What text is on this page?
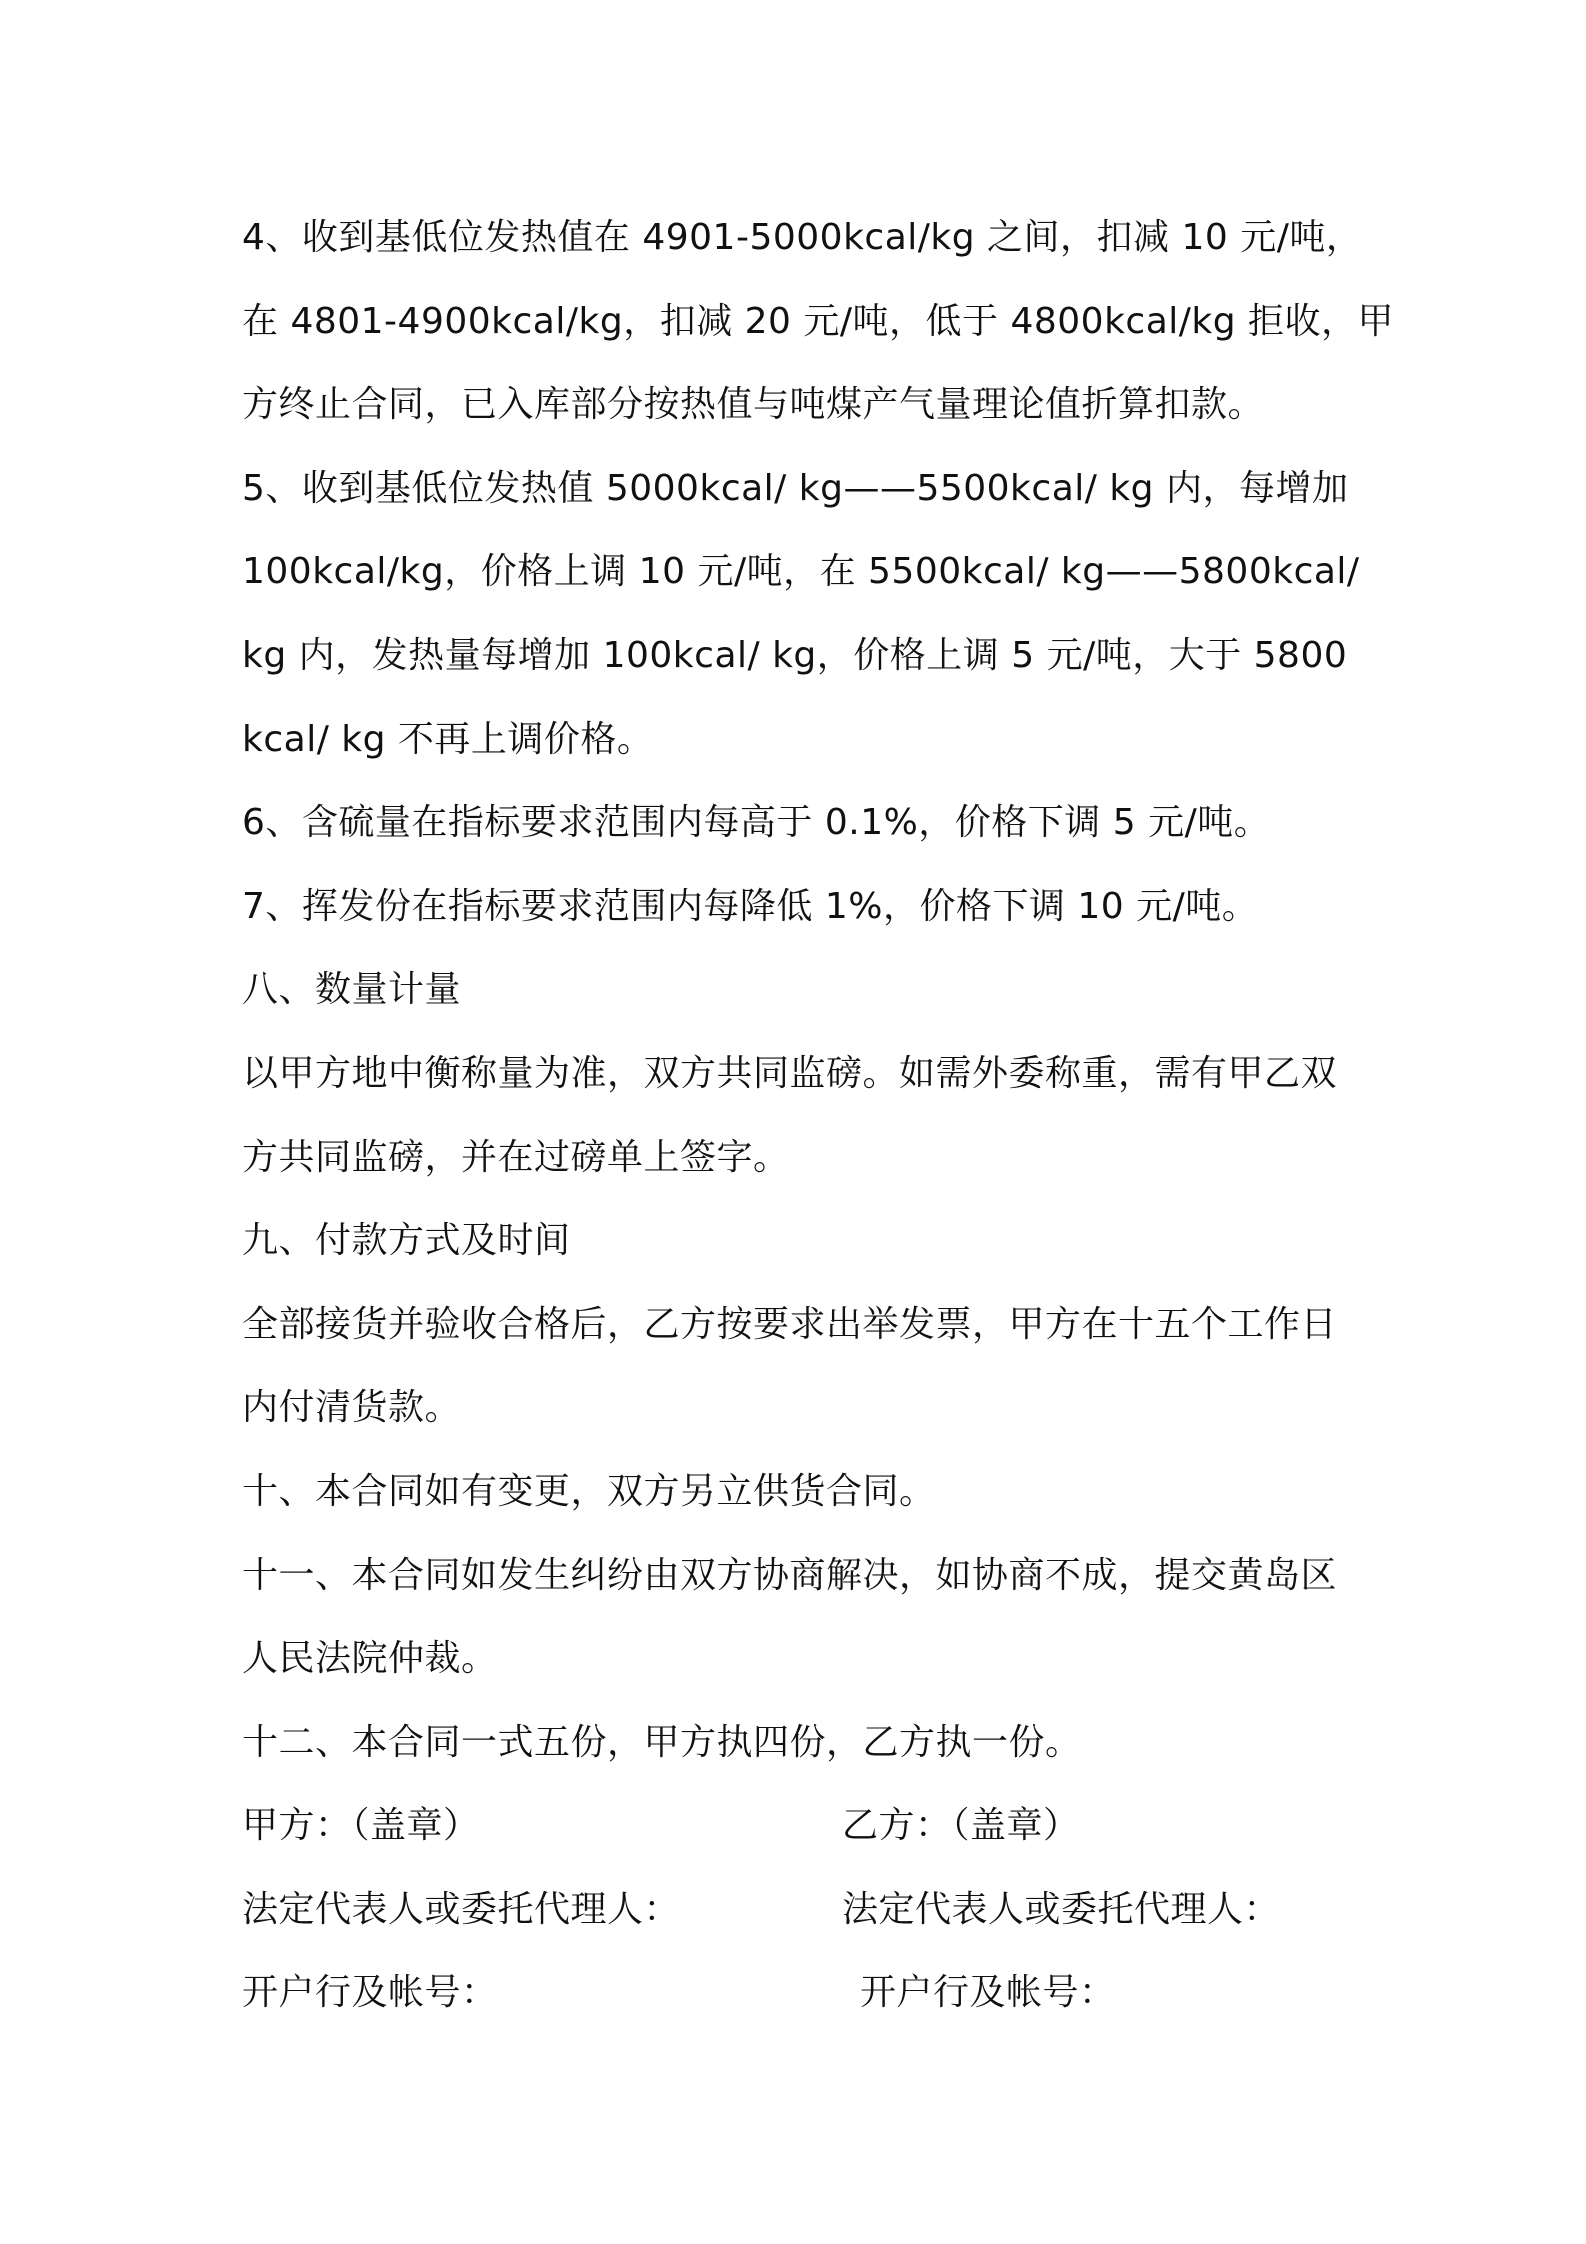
4、收到基低位发热值在 4901-5000kcal/kg 之间，扣减 10 元/吨，
在 4801-4900kcal/kg，扣减 20 元/吨，低于 4800kcal/kg 拒收，甲
方终止合同，已入库部分按热值与吨煤产气量理论值折算扣款。
5、收到基低位发热值 5000kcal/ kg——5500kcal/ kg 内，每增加
100kcal/kg，价格上调 10 元/吨，在 5500kcal/ kg——5800kcal/
kg 内，发热量每增加 100kcal/ kg，价格上调 5 元/吨，大于 5800
kcal/ kg 不再上调价格。
6、含硫量在指标要求范围内每高于 0.1%，价格下调 5 元/吨。
7、挥发份在指标要求范围内每降低 1%，价格下调 10 元/吨。
八、数量计量
以甲方地中衡称量为准，双方共同监磅。如需外委称重，需有甲乙双
方共同监磅，并在过磅单上签字。
九、付款方式及时间
全部接货并验收合格后，乙方按要求出举发票，甲方在十五个工作日
内付清货款。
十、本合同如有变更，双方另立供货合同。
十一、本合同如发生纠纷由双方协商解决，如协商不成，提交黄岛区
人民法院仲裁。
十二、本合同一式五份，甲方执四份，乙方执一份。
甲方：（盖章）	乙方：（盖章）
法定代表人或委托代理人：	法定代表人或委托代理人：
开户行及帐号：	开户行及帐号：
